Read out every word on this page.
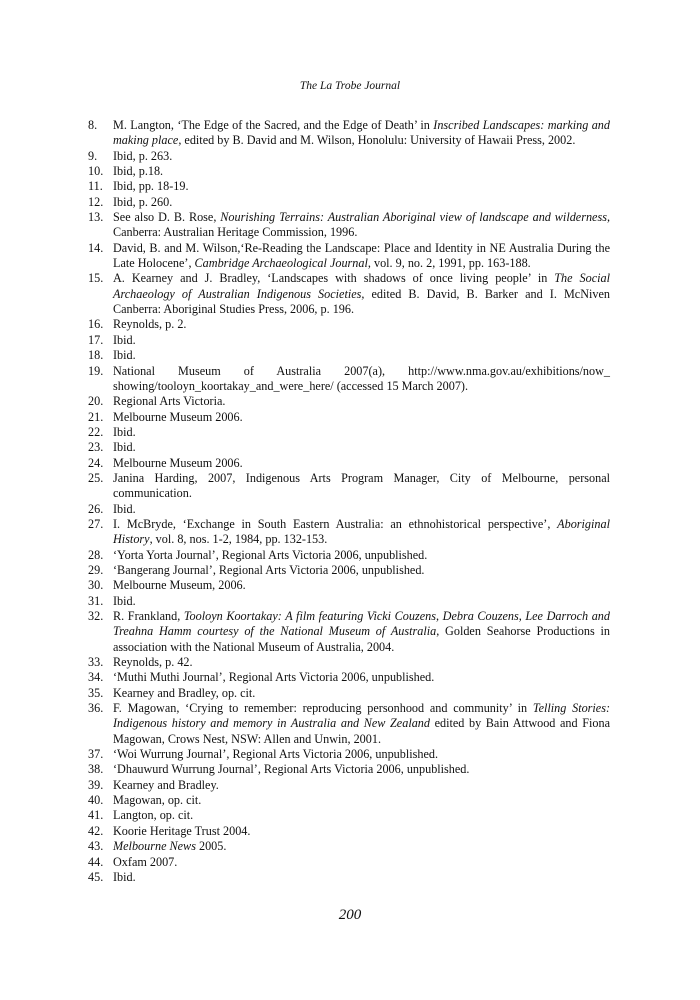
The La Trobe Journal
8. M. Langton, ‘The Edge of the Sacred, and the Edge of Death’ in Inscribed Landscapes: marking and making place, edited by B. David and M. Wilson, Honolulu: University of Hawaii Press, 2002.
9. Ibid, p. 263.
10. Ibid, p.18.
11. Ibid, pp. 18-19.
12. Ibid, p. 260.
13. See also D. B. Rose, Nourishing Terrains: Australian Aboriginal view of landscape and wilderness, Canberra: Australian Heritage Commission, 1996.
14. David, B. and M. Wilson,‘Re-Reading the Landscape: Place and Identity in NE Australia During the Late Holocene’, Cambridge Archaeological Journal, vol. 9, no. 2, 1991, pp. 163-188.
15. A. Kearney and J. Bradley, ‘Landscapes with shadows of once living people’ in The Social Archaeology of Australian Indigenous Societies, edited B. David, B. Barker and I. McNiven Canberra: Aboriginal Studies Press, 2006, p. 196.
16. Reynolds, p. 2.
17. Ibid.
18. Ibid.
19. National Museum of Australia 2007(a), http://www.nma.gov.au/exhibitions/now_ showing/tooloyn_koortakay_and_were_here/ (accessed 15 March 2007).
20. Regional Arts Victoria.
21. Melbourne Museum 2006.
22. Ibid.
23. Ibid.
24. Melbourne Museum 2006.
25. Janina Harding, 2007, Indigenous Arts Program Manager, City of Melbourne, personal communication.
26. Ibid.
27. I. McBryde, ‘Exchange in South Eastern Australia: an ethnohistorical perspective’, Aboriginal History, vol. 8, nos. 1-2, 1984, pp. 132-153.
28. ‘Yorta Yorta Journal’, Regional Arts Victoria 2006, unpublished.
29. ‘Bangerang Journal’, Regional Arts Victoria 2006, unpublished.
30. Melbourne Museum, 2006.
31. Ibid.
32. R. Frankland, Tooloyn Koortakay: A film featuring Vicki Couzens, Debra Couzens, Lee Darroch and Treahna Hamm courtesy of the National Museum of Australia, Golden Seahorse Productions in association with the National Museum of Australia, 2004.
33. Reynolds, p. 42.
34. ‘Muthi Muthi Journal’, Regional Arts Victoria 2006, unpublished.
35. Kearney and Bradley, op. cit.
36. F. Magowan, ‘Crying to remember: reproducing personhood and community’ in Telling Stories: Indigenous history and memory in Australia and New Zealand edited by Bain Attwood and Fiona Magowan, Crows Nest, NSW: Allen and Unwin, 2001.
37. ‘Woi Wurrung Journal’, Regional Arts Victoria 2006, unpublished.
38. ‘Dhauwurd Wurrung Journal’, Regional Arts Victoria 2006, unpublished.
39. Kearney and Bradley.
40. Magowan, op. cit.
41. Langton, op. cit.
42. Koorie Heritage Trust 2004.
43. Melbourne News 2005.
44. Oxfam 2007.
45. Ibid.
200
